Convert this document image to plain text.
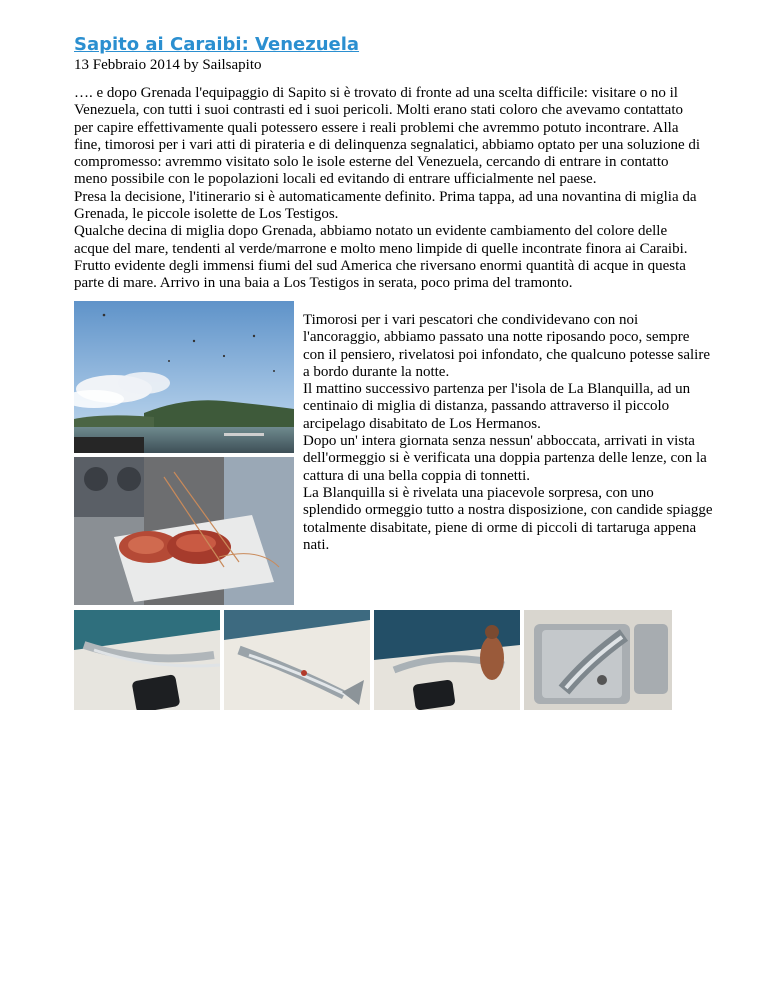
Sapito ai Caraibi: Venezuela
13 Febbraio 2014 by Sailsapito

…. e dopo Grenada l'equipaggio di Sapito si è trovato di fronte ad una scelta difficile: visitare o no il Venezuela, con tutti i suoi contrasti ed i suoi pericoli. Molti erano stati coloro che avevamo contattato per capire effettivamente quali potessero essere i reali problemi che avremmo potuto incontrare. Alla fine, timorosi per i vari atti di pirateria e di delinquenza segnalatici, abbiamo optato per una soluzione di compromesso: avremmo visitato solo le isole esterne del Venezuela, cercando di entrare in contatto meno possibile con le popolazioni locali ed evitando di entrare ufficialmente nel paese.

Presa la decisione, l'itinerario si è automaticamente definito. Prima tappa, ad una novantina di miglia da Grenada, le piccole isolette de Los Testigos.

Qualche decina di miglia dopo Grenada, abbiamo notato un evidente cambiamento del colore delle acque del mare, tendenti al verde/marrone e molto meno limpide di quelle incontrate finora ai Caraibi. Frutto evidente degli immensi fiumi del sud America che riversano enormi quantità di acque in questa parte di mare. Arrivo in una baia a Los Testigos in serata, poco prima del tramonto.

Timorosi per i vari pescatori che condividevano con noi l'ancoraggio, abbiamo passato una notte riposando poco, sempre con il pensiero, rivelatosi poi infondato, che qualcuno potesse salire a bordo durante la notte.

Il mattino successivo partenza per l'isola de La Blanquilla, ad un centinaio di miglia di distanza, passando attraverso il piccolo arcipelago disabitato de Los Hermanos.

Dopo un' intera giornata senza nessun' abboccata, arrivati in vista dell'ormeggio si è verificata una doppia partenza delle lenze, con la cattura di una bella coppia di tonnetti.

La Blanquilla si è rivelata una piacevole sorpresa, con uno splendido ormeggio tutto a nostra disposizione, con candide spiagge totalmente disabitate, piene di orme di piccoli di tartaruga appena nati.
